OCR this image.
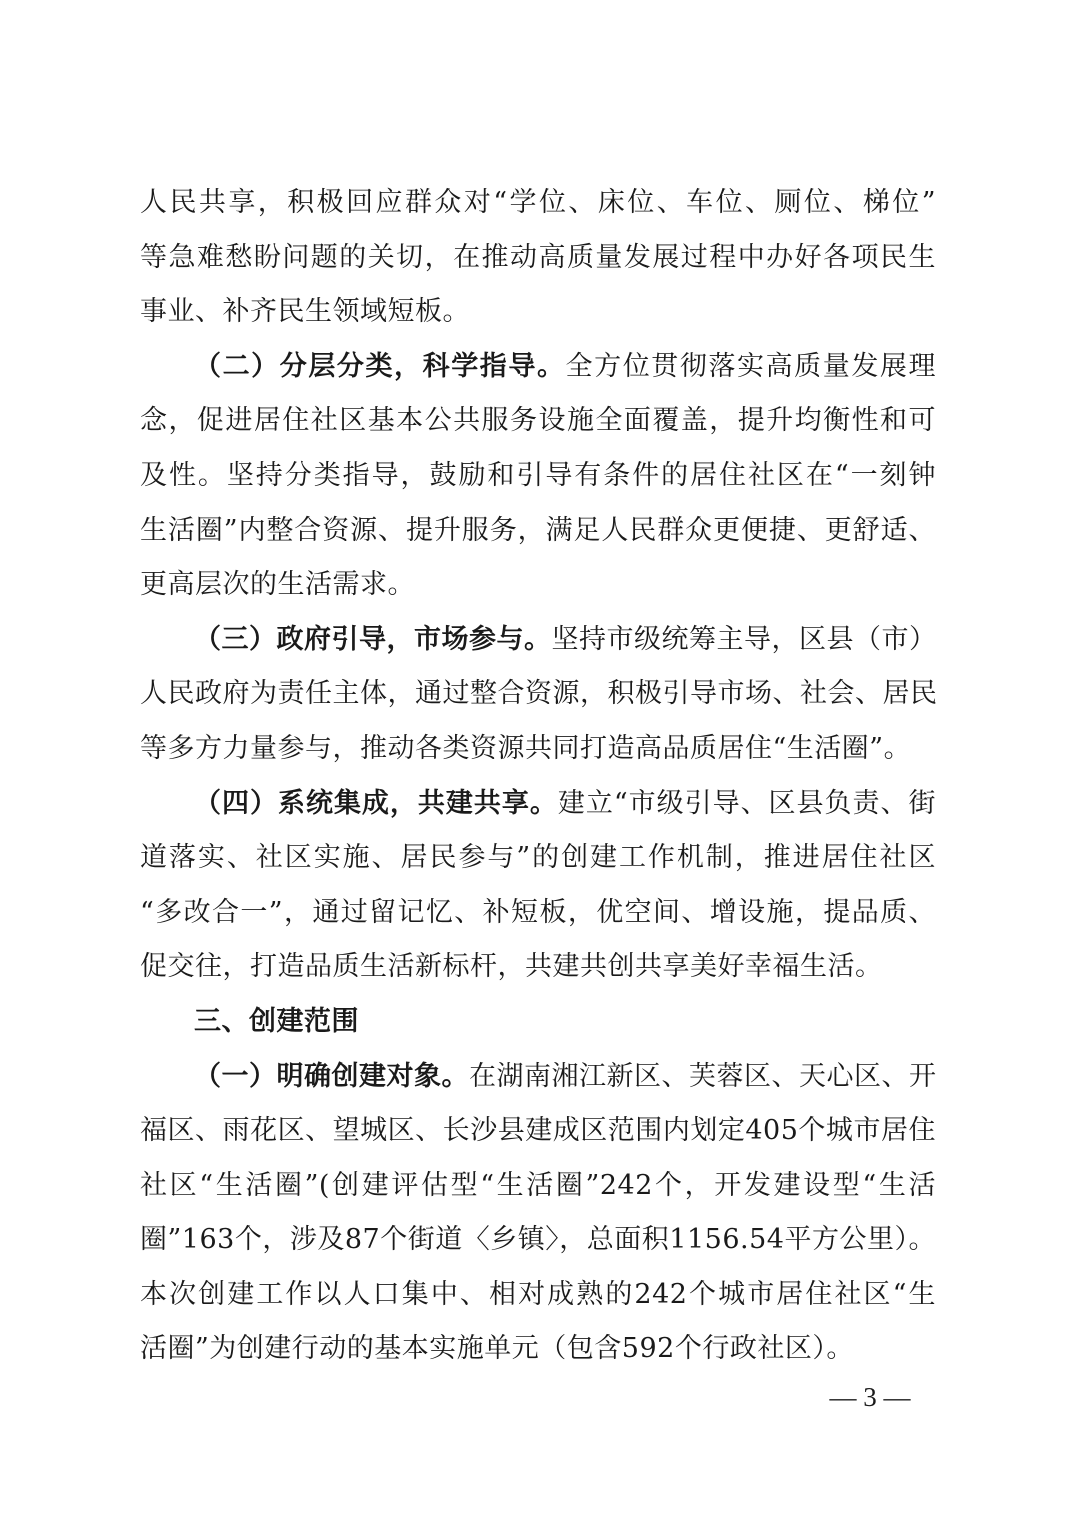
人民共享，积极回应群众对“学位、床位、车位、厕位、梯位”
等急难愁盼问题的关切，在推动高质量发展过程中办好各项民生
事业、补齐民生领域短板。
（二）分层分类，科学指导。全方位贯彻落实高质量发展理
念，促进居住社区基本公共服务设施全面覆盖，提升均衡性和可
及性。坚持分类指导，鼓励和引导有条件的居住社区在“一刻钟
生活圈”内整合资源、提升服务，满足人民群众更便捷、更舒适、
更高层次的生活需求。
（三）政府引导，市场参与。坚持市级统筹主导，区县（市）
人民政府为责任主体，通过整合资源，积极引导市场、社会、居民
等多方力量参与，推动各类资源共同打造高品质居住“生活圈”。
（四）系统集成，共建共享。建立“市级引导、区县负责、街
道落实、社区实施、居民参与”的创建工作机制，推进居住社区
“多改合一”，通过留记忆、补短板，优空间、增设施，提品质、
促交往，打造品质生活新标杆，共建共创共享美好幸福生活。
三、创建范围
（一）明确创建对象。在湖南湘江新区、芙蓉区、天心区、开
福区、雨花区、望城区、长沙县建成区范围内划定405个城市居住
社区“生活圈”(创建评估型“生活圈”242个，开发建设型“生活
圈”163个，涉及87个街道〈乡镇〉，总面积1156.54平方公里）。
本次创建工作以人口集中、相对成熟的242个城市居住社区“生
活圈”为创建行动的基本实施单元（包含592个行政社区）。
— 3 —
